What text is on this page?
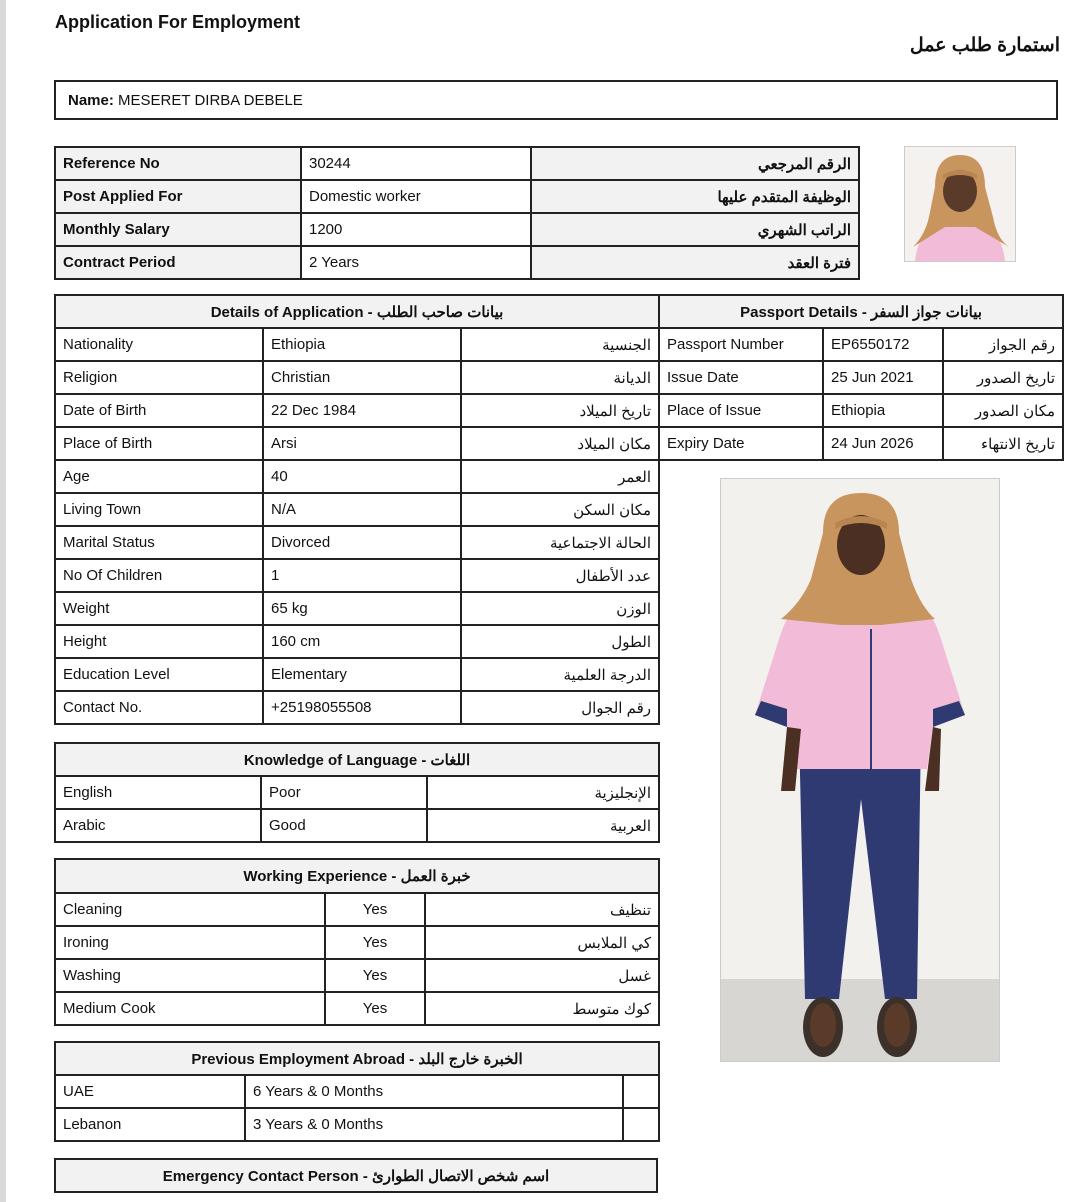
Application For Employment
استمارة طلب عمل
Name: MESERET DIRBA DEBELE
Reference No	30244	الرقم المرجعي
Post Applied For	Domestic worker	الوظيفة المتقدم عليها
Monthly Salary	1200	الراتب الشهري
Contract Period	2 Years	فترة العقد
Details of Application - بيانات صاحب الطلب		
Nationality	Ethiopia	الجنسية
Religion	Christian	الديانة
Date of Birth	22 Dec 1984	تاريخ الميلاد
Place of Birth	Arsi	مكان الميلاد
Age	40	العمر
Living Town	N/A	مكان السكن
Marital Status	Divorced	الحالة الاجتماعية
No Of Children	1	عدد الأطفال
Weight	65 kg	الوزن
Height	160 cm	الطول
Education Level	Elementary	الدرجة العلمية
Contact No.	+25198055508	رقم الجوال
Passport Details - بيانات جواز السفر		
Passport Number	EP6550172	رقم الجواز
Issue Date	25 Jun 2021	تاريخ الصدور
Place of Issue	Ethiopia	مكان الصدور
Expiry Date	24 Jun 2026	تاريخ الانتهاء
Knowledge of Language - اللغات		
English	Poor	الإنجليزية
Arabic	Good	العربية
Working Experience - خبرة العمل		
Cleaning	Yes	تنظيف
Ironing	Yes	كي الملابس
Washing	Yes	غسل
Medium Cook	Yes	كوك متوسط
Previous Employment Abroad - الخبرة خارج البلد		
UAE	6 Years & 0 Months	
Lebanon	3 Years & 0 Months	
Emergency Contact Person - اسم شخص الاتصال الطوارئ
